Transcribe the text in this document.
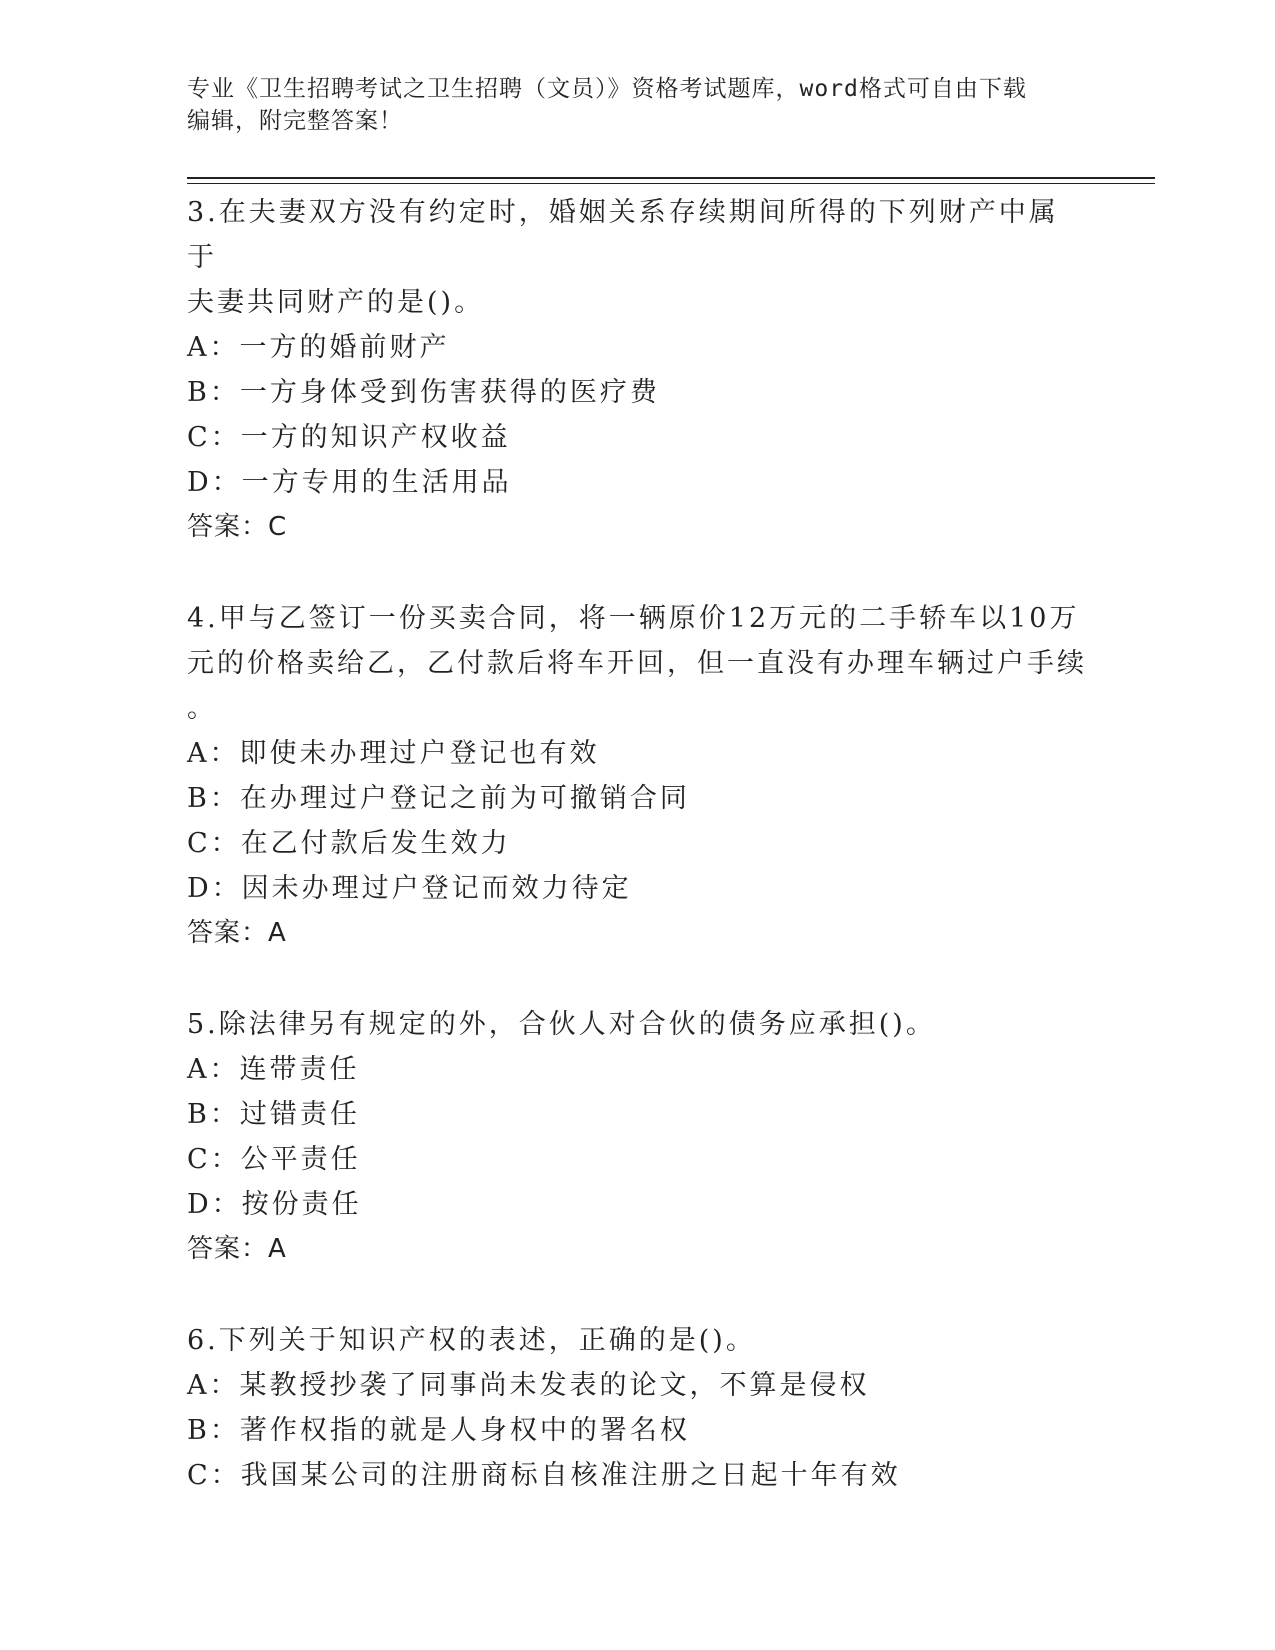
专业《卫生招聘考试之卫生招聘（文员）》资格考试题库，word格式可自由下载
编辑，附完整答案！
3.在夫妻双方没有约定时，婚姻关系存续期间所得的下列财产中属于
夫妻共同财产的是()。
A：一方的婚前财产
B：一方身体受到伤害获得的医疗费
C：一方的知识产权收益
D：一方专用的生活用品
答案：C
4.甲与乙签订一份买卖合同，将一辆原价12万元的二手轿车以10万
元的价格卖给乙，乙付款后将车开回，但一直没有办理车辆过户手续
。
A：即使未办理过户登记也有效
B：在办理过户登记之前为可撤销合同
C：在乙付款后发生效力
D：因未办理过户登记而效力待定
答案：A
5.除法律另有规定的外，合伙人对合伙的债务应承担()。
A：连带责任
B：过错责任
C：公平责任
D：按份责任
答案：A
6.下列关于知识产权的表述，正确的是()。
A：某教授抄袭了同事尚未发表的论文，不算是侵权
B：著作权指的就是人身权中的署名权
C：我国某公司的注册商标自核准注册之日起十年有效
